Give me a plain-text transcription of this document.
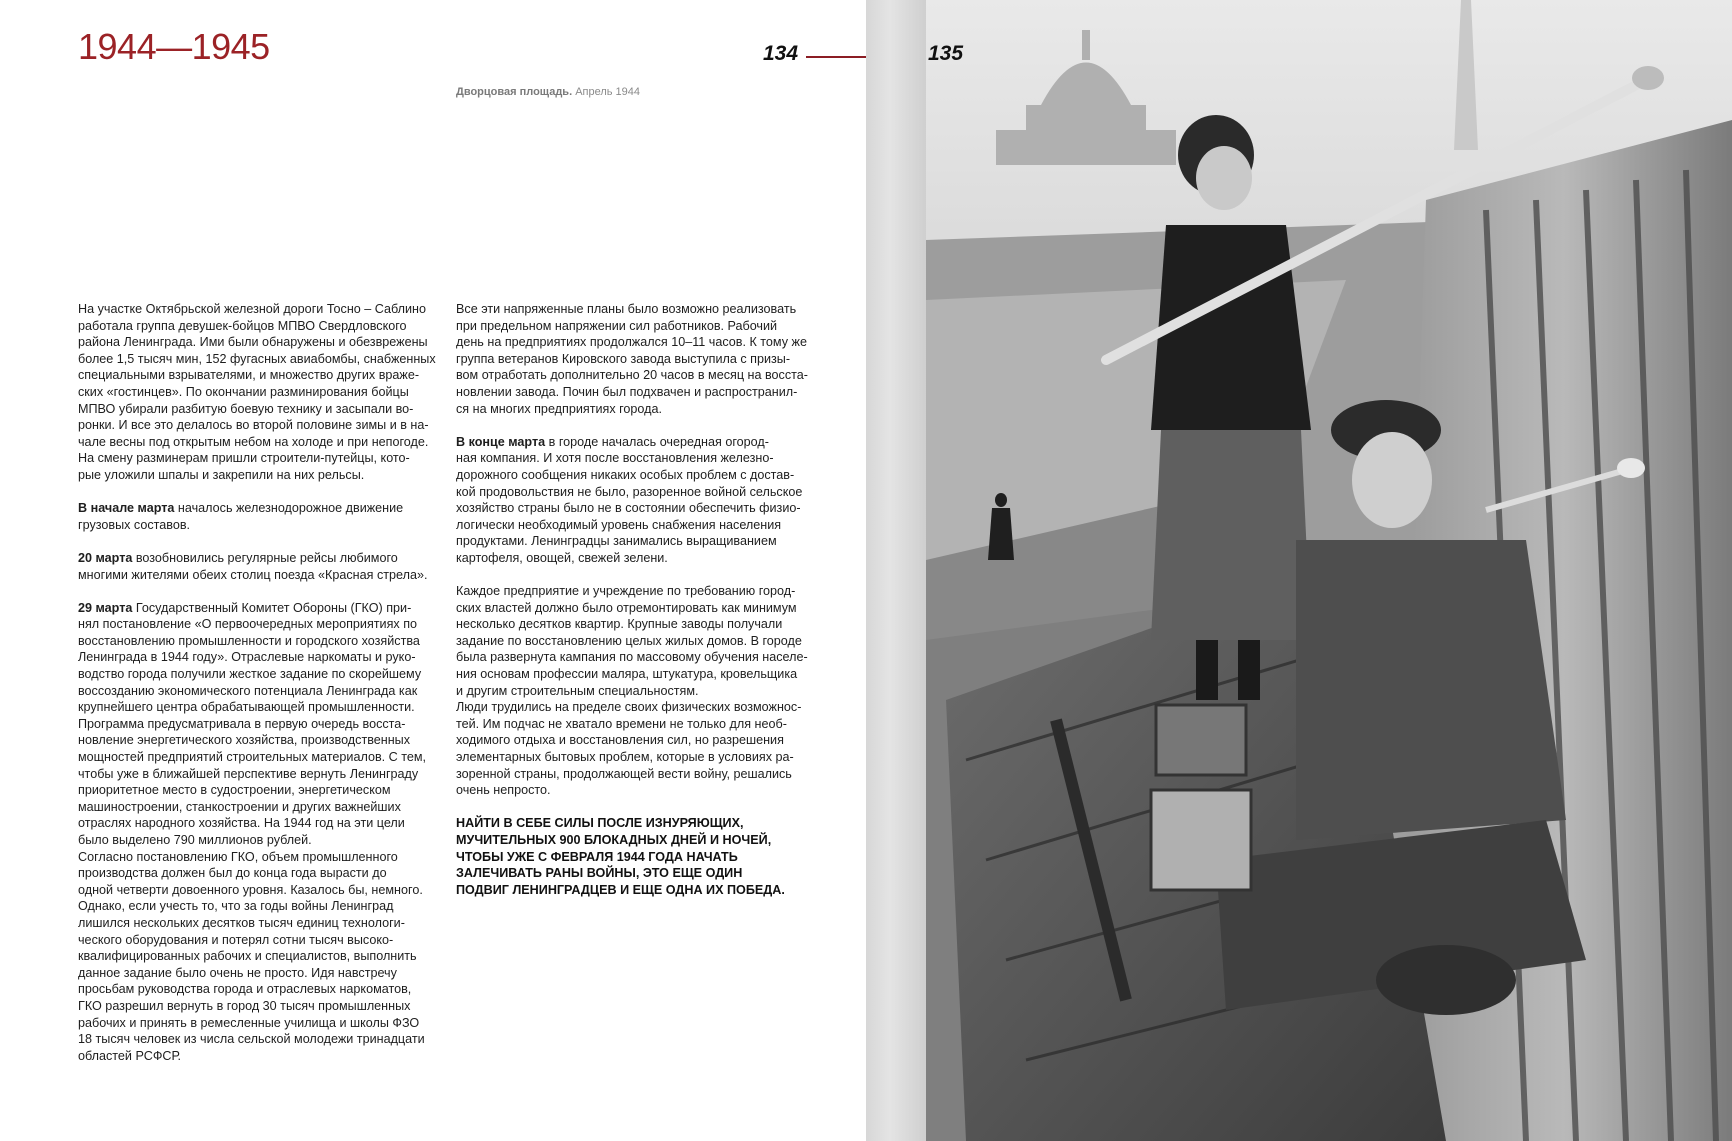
1944—1945	134
Дворцовая площадь. Апрель 1944

На участке Октябрьской железной дороги Тосно – Саблино
работала группа девушек-бойцов МПВО Свердловского
района Ленинграда. Ими были обнаружены и обезврежены
более 1,5 тысяч мин, 152 фугасных авиабомбы, снабженных
специальными взрывателями, и множество других враже-
ских «гостинцев». По окончании разминирования бойцы
МПВО убирали разбитую боевую технику и засыпали во-
ронки. И все это делалось во второй половине зимы и в на-
чале весны под открытым небом на холоде и при непогоде.
На смену разминерам пришли строители-путейцы, кото-
рые уложили шпалы и закрепили на них рельсы.

В начале марта началось железнодорожное движение
грузовых составов.

20 марта возобновились регулярные рейсы любимого
многими жителями обеих столиц поезда «Красная стрела».

29 марта Государственный Комитет Обороны (ГКО) при-
нял постановление «О первоочередных мероприятиях по
восстановлению промышленности и городского хозяйства
Ленинграда в 1944 году». Отраслевые наркоматы и руко-
водство города получили жесткое задание по скорейшему
воссозданию экономического потенциала Ленинграда как
крупнейшего центра обрабатывающей промышленности.
Программа предусматривала в первую очередь восста-
новление энергетического хозяйства, производственных
мощностей предприятий строительных материалов. С тем,
чтобы уже в ближайшей перспективе вернуть Ленинграду
приоритетное место в судостроении, энергетическом
машиностроении, станкостроении и других важнейших
отраслях народного хозяйства. На 1944 год на эти цели
было выделено 790 миллионов рублей.
Согласно постановлению ГКО, объем промышленного
производства должен был до конца года вырасти до
одной четверти довоенного уровня. Казалось бы, немного.
Однако, если учесть то, что за годы войны Ленинград
лишился нескольких десятков тысяч единиц технологи-
ческого оборудования и потерял сотни тысяч высоко-
квалифицированных рабочих и специалистов, выполнить
данное задание было очень не просто. Идя навстречу
просьбам руководства города и отраслевых наркоматов,
ГКО разрешил вернуть в город 30 тысяч промышленных
рабочих и принять в ремесленные училища и школы ФЗО
18 тысяч человек из числа сельской молодежи тринадцати
областей РСФСР.

Все эти напряженные планы было возможно реализовать
при предельном напряжении сил работников. Рабочий
день на предприятиях продолжался 10–11 часов. К тому же
группа ветеранов Кировского завода выступила с призы-
вом отработать дополнительно 20 часов в месяц на восста-
новлении завода. Почин был подхвачен и распространил-
ся на многих предприятиях города.

В конце марта в городе началась очередная огород-
ная компания. И хотя после восстановления железно-
дорожного сообщения никаких особых проблем с достав-
кой продовольствия не было, разоренное войной сельское
хозяйство страны было не в состоянии обеспечить физио-
логически необходимый уровень снабжения населения
продуктами. Ленинградцы занимались выращиванием
картофеля, овощей, свежей зелени.

Каждое предприятие и учреждение по требованию город-
ских властей должно было отремонтировать как минимум
несколько десятков квартир. Крупные заводы получали
задание по восстановлению целых жилых домов. В городе
была развернута кампания по массовому обучения населе-
ния основам профессии маляра, штукатура, кровельщика
и другим строительным специальностям.
Люди трудились на пределе своих физических возможнос-
тей. Им подчас не хватало времени не только для необ-
ходимого отдыха и восстановления сил, но разрешения
элементарных бытовых проблем, которые в условиях ра-
зоренной страны, продолжающей вести войну, решались
очень непросто.

НАЙТИ В СЕБЕ СИЛЫ ПОСЛЕ ИЗНУРЯЮЩИХ,
МУЧИТЕЛЬНЫХ 900 БЛОКАДНЫХ ДНЕЙ И НОЧЕЙ,
ЧТОБЫ УЖЕ С ФЕВРАЛЯ 1944 ГОДА НАЧАТЬ
ЗАЛЕЧИВАТЬ РАНЫ ВОЙНЫ, ЭТО ЕЩЕ ОДИН
ПОДВИГ ЛЕНИНГРАДЦЕВ И ЕЩЕ ОДНА ИХ ПОБЕДА.
135
